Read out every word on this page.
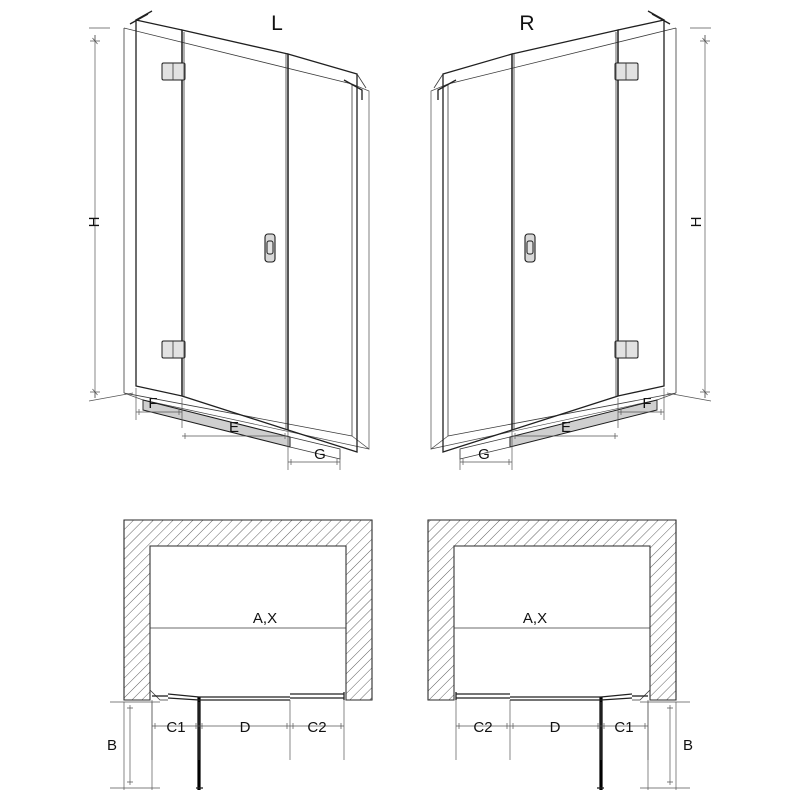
H
F
E
G
L
H
F
E
G
R
C1	D	C2
B
A,X
C1
D
C2
B
A,X
